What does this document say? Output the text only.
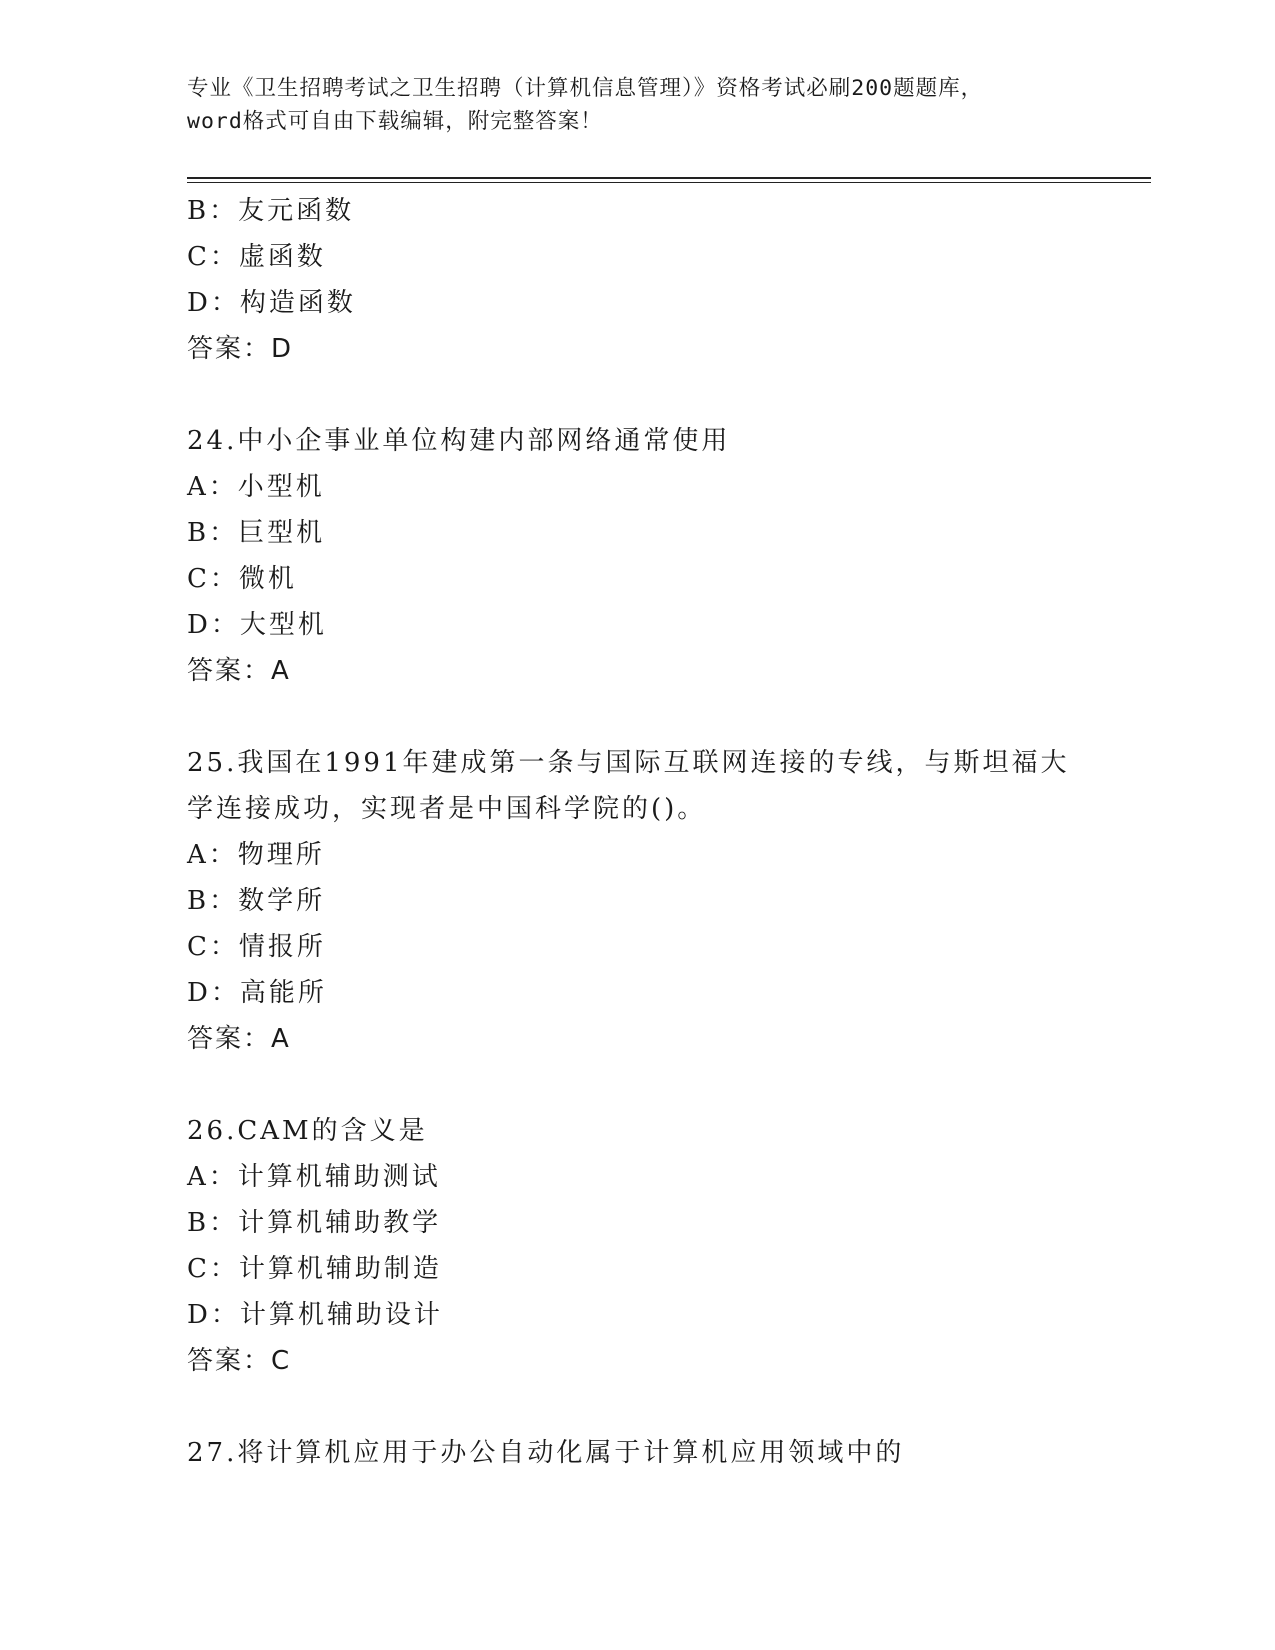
专业《卫生招聘考试之卫生招聘（计算机信息管理）》资格考试必刷200题题库，
word格式可自由下载编辑，附完整答案！
B：友元函数
C：虚函数
D：构造函数
答案：D
24.中小企事业单位构建内部网络通常使用
A：小型机
B：巨型机
C：微机
D：大型机
答案：A
25.我国在1991年建成第一条与国际互联网连接的专线，与斯坦福大
学连接成功，实现者是中国科学院的()。
A：物理所
B：数学所
C：情报所
D：高能所
答案：A
26.CAM的含义是
A：计算机辅助测试
B：计算机辅助教学
C：计算机辅助制造
D：计算机辅助设计
答案：C
27.将计算机应用于办公自动化属于计算机应用领域中的
